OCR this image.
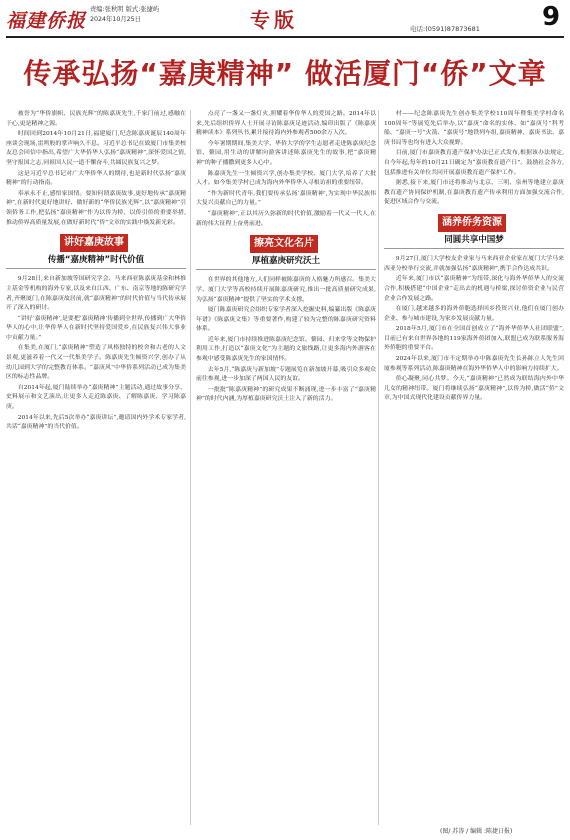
福建侨报
责编:张秋明 版式:张捷屿
2024年10月25日	专版	电话:(0591)87873681 9
传承弘扬“嘉庚精神” 做活厦门“侨”文章

被誉为“华侨旗帜、民族光辉”的陈嘉庚先生,千家门前过,感触在于心,更是精神之源。

时间回到2014年10月21日,福建厦门,纪念陈嘉庚诞辰140周年座谈会现场,雷鸣般的掌声响久不息。习近平总书记在致厦门市集美校友总会回信中指出,希望广大华侨华人弘扬“嘉庚精神”,深怀爱国之情,坚守报国之志,同祖国人民一道不懈奋斗,共圆民族复兴之梦。

这是习近平总书记对广大华侨华人的期待,也是新时代弘扬“嘉庚精神”的行动指南。

奉承永不止,感悟家国情。要知何谓嘉庚故事,更好地传承“嘉庚精神”,在新时代更好地讲好、做好新的“华侨民族光辉”,以“嘉庚精神”引领侨务工作,把弘扬“嘉庚精神”作为以侨为桥、以侨引侨的重要举措,推动侨界高质量发展,在做好新时代“侨”文章的实践中焕发新光彩。

讲好嘉庚故事
传播“嘉庚精神”时代价值

9月28日,来自新加坡等国研究学会、马来西亚陈嘉庚基金和林推主基金等机构的海外专家,以及来自江西、广东、南京等地的陈研究学者,齐聚厦门,在陈嘉庚故居前,就“嘉庚精神”的时代价值与当代传承展开了深入的研讨。

“讲好‘嘉庚精神’,是要把‘嘉庚精神’传播到全世界,传播到广大华侨华人的心中,让华侨华人在新时代坚持爱国爱乡,在民族复兴伟大事业中贡献力量。”

在集美,在厦门,“嘉庚精神”塑造了风格独特的校舍和古老的人文景观,更滋养着一代又一代集美学子。陈嘉庚先生倾资兴学,创办了从幼儿园到大学的完整教育体系。“嘉庚风”中华侨系列活动已成为集美区的标志性品牌。

自2014年起,厦门陆续举办“嘉庚精神”主题活动,通过故事分享、史料展示和文艺演出,让更多人走近陈嘉庚、了解陈嘉庚、学习陈嘉庚。

2014年以来,先后5次举办“嘉庚讲坛”,邀请国内外学术专家学者,共话“嘉庚精神”的当代价值。

点亮了一盏又一盏灯火,照耀着华侨华人的爱国之路。2014年以来,先后组织侨界人士开展寻访陈嘉庚足迹活动,编印出版了《陈嘉庚精神读本》系列丛书,累计接待海内外参观者500余万人次。

今年暑期期间,集美大学、华侨大学的学生志愿者走进陈嘉庚纪念馆、鳌园,用生动的讲解向游客讲述陈嘉庚先生的故事,把“嘉庚精神”的种子播撒到更多人心中。

陈嘉庚先生一生倾资兴学,创办集美学校、厦门大学,培养了大批人才。如今集美学村已成为海内外华侨华人寻根访祖的重要纽带。

“作为新时代青年,我们要传承弘扬‘嘉庚精神’,为实现中华民族伟大复兴贡献自己的力量。”

“嘉庚精神”,正以其历久弥新的时代价值,激励着一代又一代人,在新的伟大征程上奋勇前进。

擦亮文化名片
厚植嘉庚研究沃土

在世界的其他地方,人们同样被陈嘉庚的人格魅力所感召。集美大学、厦门大学等高校持续开展陈嘉庚研究,推出一批高质量研究成果,为弘扬“嘉庚精神”提供了坚实的学术支撑。

厦门陈嘉庚研究会组织专家学者深入挖掘史料,编纂出版《陈嘉庚年谱》《陈嘉庚文集》等重要著作,构建了较为完整的陈嘉庚研究资料体系。

近年来,厦门市持续推进陈嘉庚纪念馆、鳌园、归来堂等文物保护利用工作,打造以“嘉庚文化”为主题的文旅线路,让更多海内外游客在参观中感受陈嘉庚先生的家国情怀。

去年5月,“陈嘉庚与新加坡”专题展览在新加坡开幕,吸引众多观众前往参观,进一步加深了两国人民的友谊。

一批批“陈嘉庚精神”的研究成果不断涌现,进一步丰富了“嘉庚精神”的时代内涵,为厚植嘉庚研究沃土注入了新的活力。

村——纪念陈嘉庚先生创办集美学校110周年暨集美学村命名100周年”等展览先后举办,以“嘉庚”命名的实体、如“嘉庚号”科考船、“嘉庚一号”火箭、“嘉庚号”地铁列车组,嘉庚精神、嘉庚书法、嘉庚书局等也均有进入大众视野。

目前,厦门市嘉庚教育遗产保护办法已正式发布,根据该办法规定,自今年起,每年的10月21日确定为“嘉庚教育遗产日”。鼓励社会各方,包括推进有关单位共同开展嘉庚教育遗产保护工作。

据悉,接下来,厦门市还将推动与北京、三明、泉州等地建立嘉庚教育遗产协同保护机制,在嘉庚教育遗产传承利用方面加强交流合作,促进区域合作与交流。

涵养侨务资源
同圆共享中国梦

9月27日,厦门大学校友企业家与马来西亚企业家在厦门大学马来西亚分校举行交流,并就加强弘扬“嘉庚精神”,携手合作达成共识。

近年来,厦门市以“嘉庚精神”为纽带,深化与海外华侨华人的交流合作,积极搭建“中国企业”走出去的机遇与桥梁,探讨侨资企业与民营企业合作发展之路。

在厦门,越来越多的海外侨胞选择回乡投资兴业,他们在厦门创办企业、参与城市建设,为家乡发展贡献力量。

2018年5月,厦门市在全国首创成立了“海外华侨华人社团联盟”,目前已有来自世界各地的119家海外侨团加入,联盟已成为联系服务海外侨胞的重要平台。

2024年以来,厦门市不定期举办中陈嘉庚先生长孙陈立人先生回厦参观等系列活动,陈嘉庚精神在海外华侨华人中的影响力持续扩大。

侨心凝聚,同心共梦。今天,“嘉庚精神”已然成为联结海内外中华儿女的精神纽带。厦门将继续弘扬“嘉庚精神”,以侨为桥,做活“侨”文章,为中国式现代化建设贡献侨界力量。

(图/ 苏涛 / 编辑 :陈捷日报)
